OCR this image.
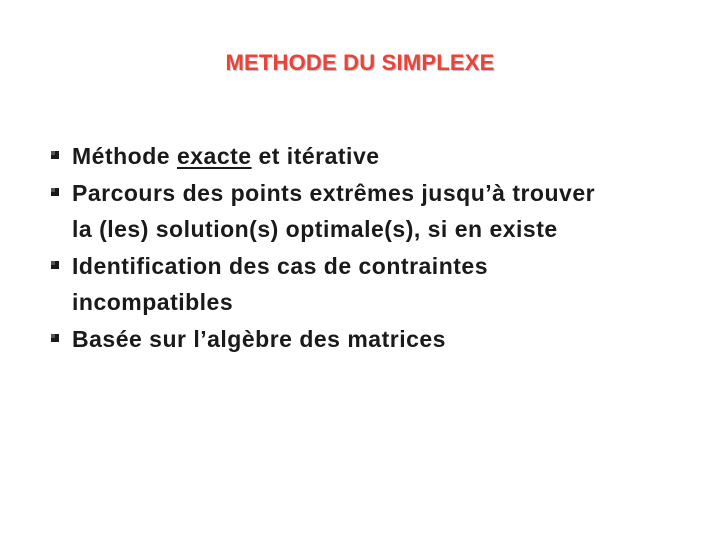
METHODE DU SIMPLEXE
Méthode exacte et itérative
Parcours des points extrêmes jusqu’à trouver
la (les) solution(s) optimale(s), si en existe
Identification des cas de contraintes
incompatibles
Basée sur l’algèbre des matrices
